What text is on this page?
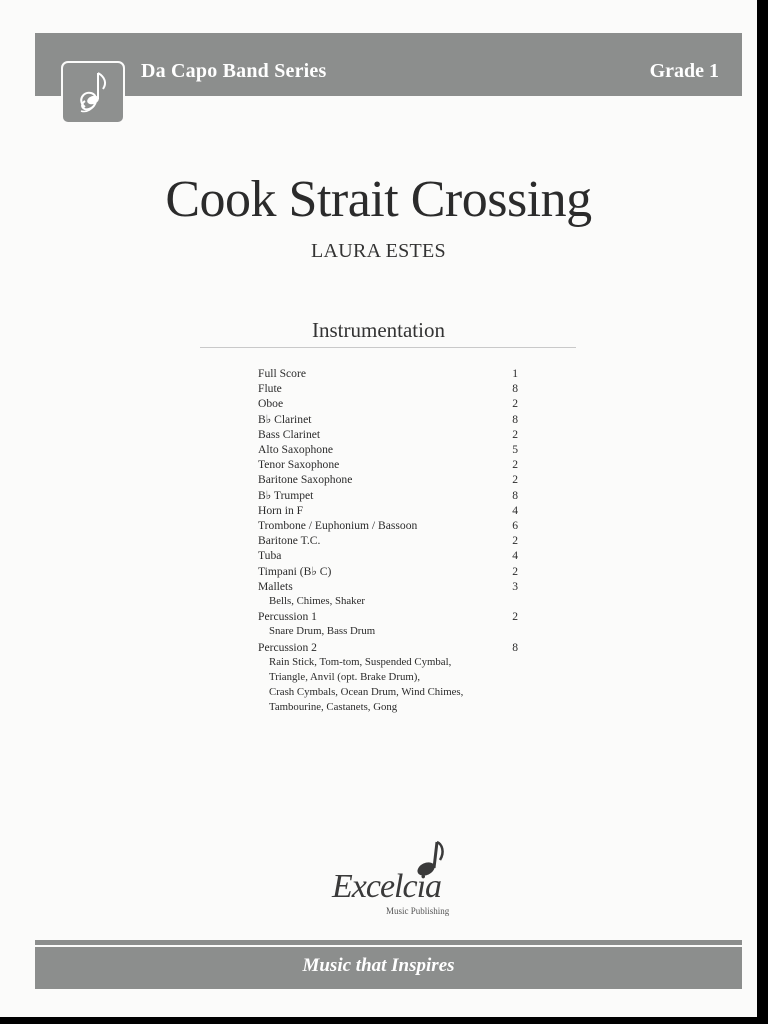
Da Capo Band Series	Grade 1
Cook Strait Crossing
LAURA ESTES
Instrumentation
Full Score	1
Flute	8
Oboe	2
B♭ Clarinet	8
Bass Clarinet	2
Alto Saxophone	5
Tenor Saxophone	2
Baritone Saxophone	2
B♭ Trumpet	8
Horn in F	4
Trombone / Euphonium / Bassoon	6
Baritone T.C.	2
Tuba	4
Timpani (B♭ C)	2
Mallets	3
Bells, Chimes, Shaker
Percussion 1	2
Snare Drum, Bass Drum
Percussion 2	8
Rain Stick, Tom-tom, Suspended Cymbal,
Triangle, Anvil (opt. Brake Drum),
Crash Cymbals, Ocean Drum, Wind Chimes,
Tambourine, Castanets, Gong
Excelcia
Music Publishing
Music that Inspires
